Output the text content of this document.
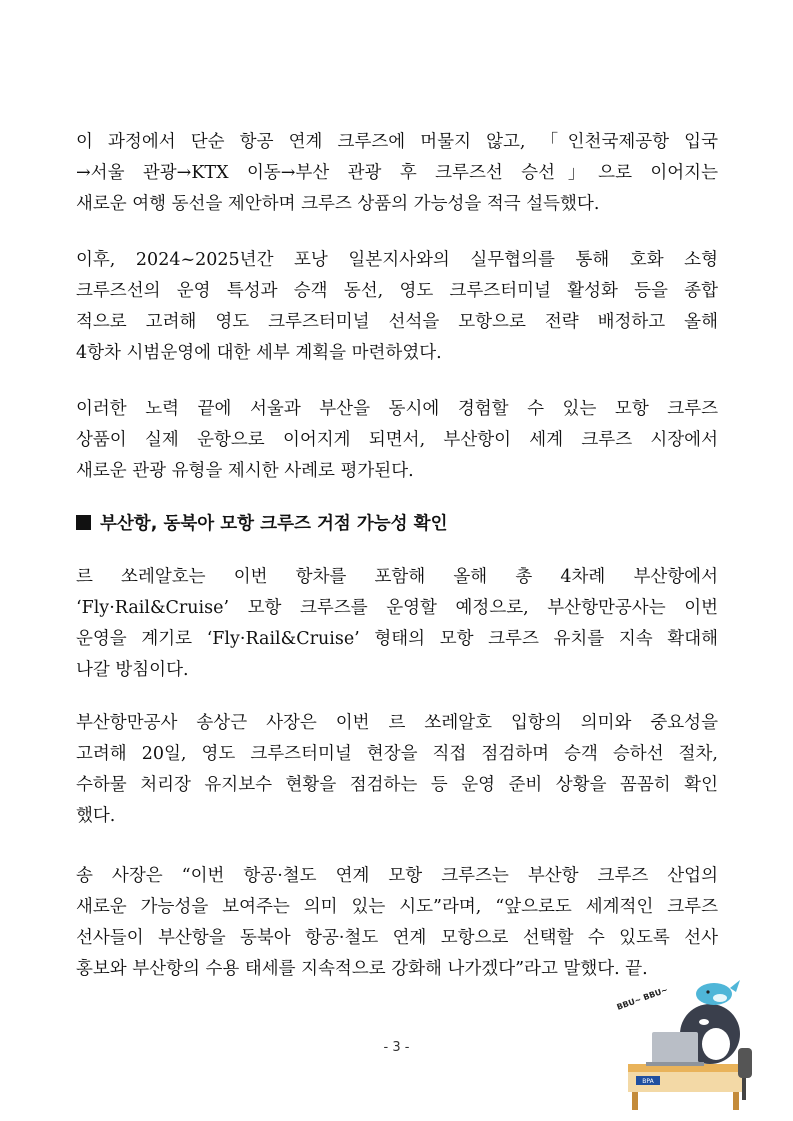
이 과정에서 단순 항공 연계 크루즈에 머물지 않고, 「인천국제공항 입국
→서울 관광→KTX 이동→부산 관광 후 크루즈선 승선」으로 이어지는
새로운 여행 동선을 제안하며 크루즈 상품의 가능성을 적극 설득했다.

이후, 2024~2025년간 포낭 일본지사와의 실무협의를 통해 호화 소형
크루즈선의 운영 특성과 승객 동선, 영도 크루즈터미널 활성화 등을 종합
적으로 고려해 영도 크루즈터미널 선석을 모항으로 전략 배정하고 올해
4항차 시범운영에 대한 세부 계획을 마련하였다.

이러한 노력 끝에 서울과 부산을 동시에 경험할 수 있는 모항 크루즈
상품이 실제 운항으로 이어지게 되면서, 부산항이 세계 크루즈 시장에서
새로운 관광 유형을 제시한 사례로 평가된다.

부산항, 동북아 모항 크루즈 거점 가능성 확인

르 쏘레알호는 이번 항차를 포함해 올해 총 4차례 부산항에서
‘Fly·Rail&Cruise’ 모항 크루즈를 운영할 예정으로, 부산항만공사는 이번
운영을 계기로 ‘Fly·Rail&Cruise’ 형태의 모항 크루즈 유치를 지속 확대해
나갈 방침이다.

부산항만공사 송상근 사장은 이번 르 쏘레알호 입항의 의미와 중요성을
고려해 20일, 영도 크루즈터미널 현장을 직접 점검하며 승객 승하선 절차,
수하물 처리장 유지보수 현황을 점검하는 등 운영 준비 상황을 꼼꼼히 확인
했다.

송 사장은 “이번 항공·철도 연계 모항 크루즈는 부산항 크루즈 산업의
새로운 가능성을 보여주는 의미 있는 시도”라며, “앞으로도 세계적인 크루즈
선사들이 부산항을 동북아 항공·철도 연계 모항으로 선택할 수 있도록 선사
홍보와 부산항의 수용 태세를 지속적으로 강화해 나가겠다”라고 말했다. 끝.

- 3 -
BPA
BBU~ BBU~
